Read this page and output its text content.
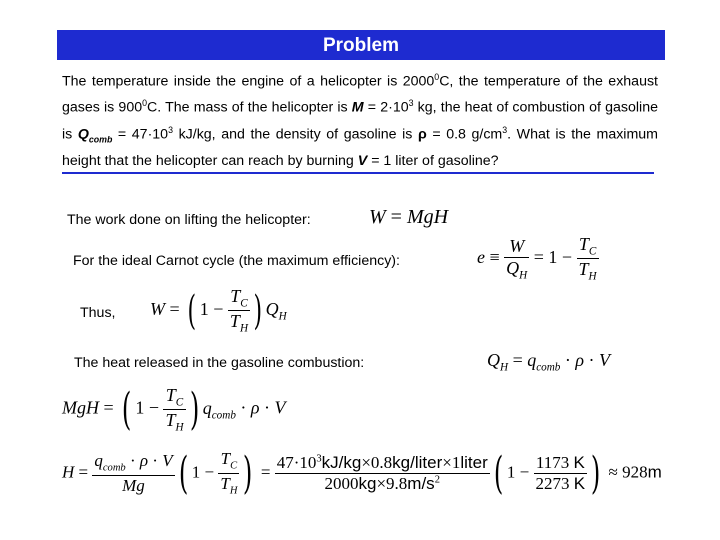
Problem
The temperature inside the engine of a helicopter is 2000$^0$C, the temperature of the exhaust gases is $900^0C$. The mass of the helicopter is $M = 2\cdot 10^3$ kg, the heat of combustion of gasoline is $Q_{comb} = 47\cdot 10^3$ kJ/kg, and the density of gasoline is ρ = 0.8 $g/cm^3$. What is the maximum height that the helicopter can reach by burning V = 1 liter of gasoline?
The work done on lifting the helicopter:	W = MgH
For the ideal Carnot cycle (the maximum efficiency):	$e \equiv \frac{W}{Q_H} = 1 - \frac{T_C}{T_H}$
Thus, W = ( $1 - \frac{T_C}{T_H}$ ) $Q_H$
The heat released in the gasoline combustion:	$Q_H = q_{comb} \cdot \rho \cdot V$
MgH = ( $1 - \frac{T_C}{T_H}$ ) $q_{comb} \cdot \rho \cdot V$
$H = \frac{q_{comb} \cdot \rho \cdot V}{Mg}$ ( $1 - \frac{T_C}{T_H}$ ) = $\frac{47\cdot 10^3kJ/kg\times 0.8kg/liter\times 1liter}{2000kg\times 9.8m/s^2}$ ( $1 - \frac{1173 K}{2273 K}$ ) ≈ 928m
